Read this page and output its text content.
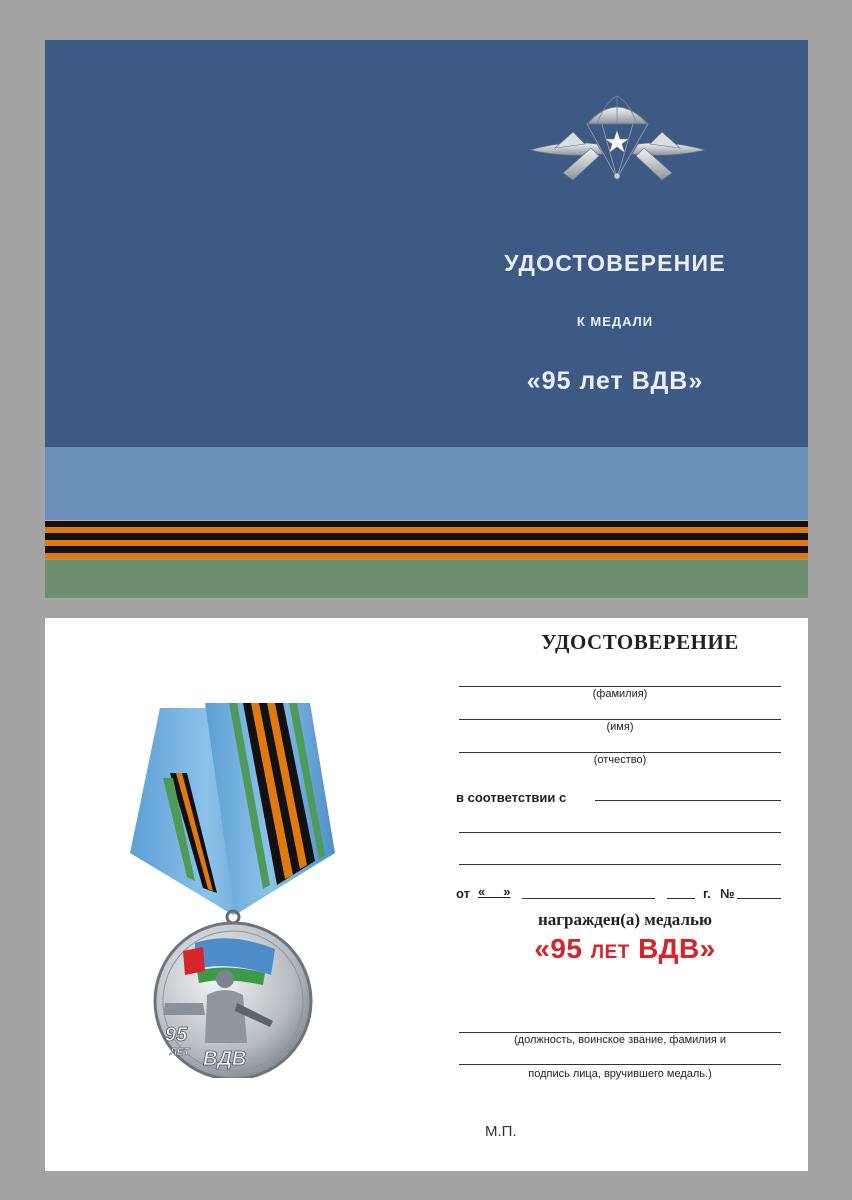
УДОСТОВЕРЕНИЕ
К МЕДАЛИ
«95 лет ВДВ»
95
ЛЕТ ВДВ
УДОСТОВЕРЕНИЕ
(фамилия)
(имя)
(отчество)
в соответствии с
от «     »	г. №
награжден(а) медалью
«95 ЛЕТ ВДВ»
(должность, воинское звание, фамилия и
подпись лица, вручившего медаль.)
М.П.
